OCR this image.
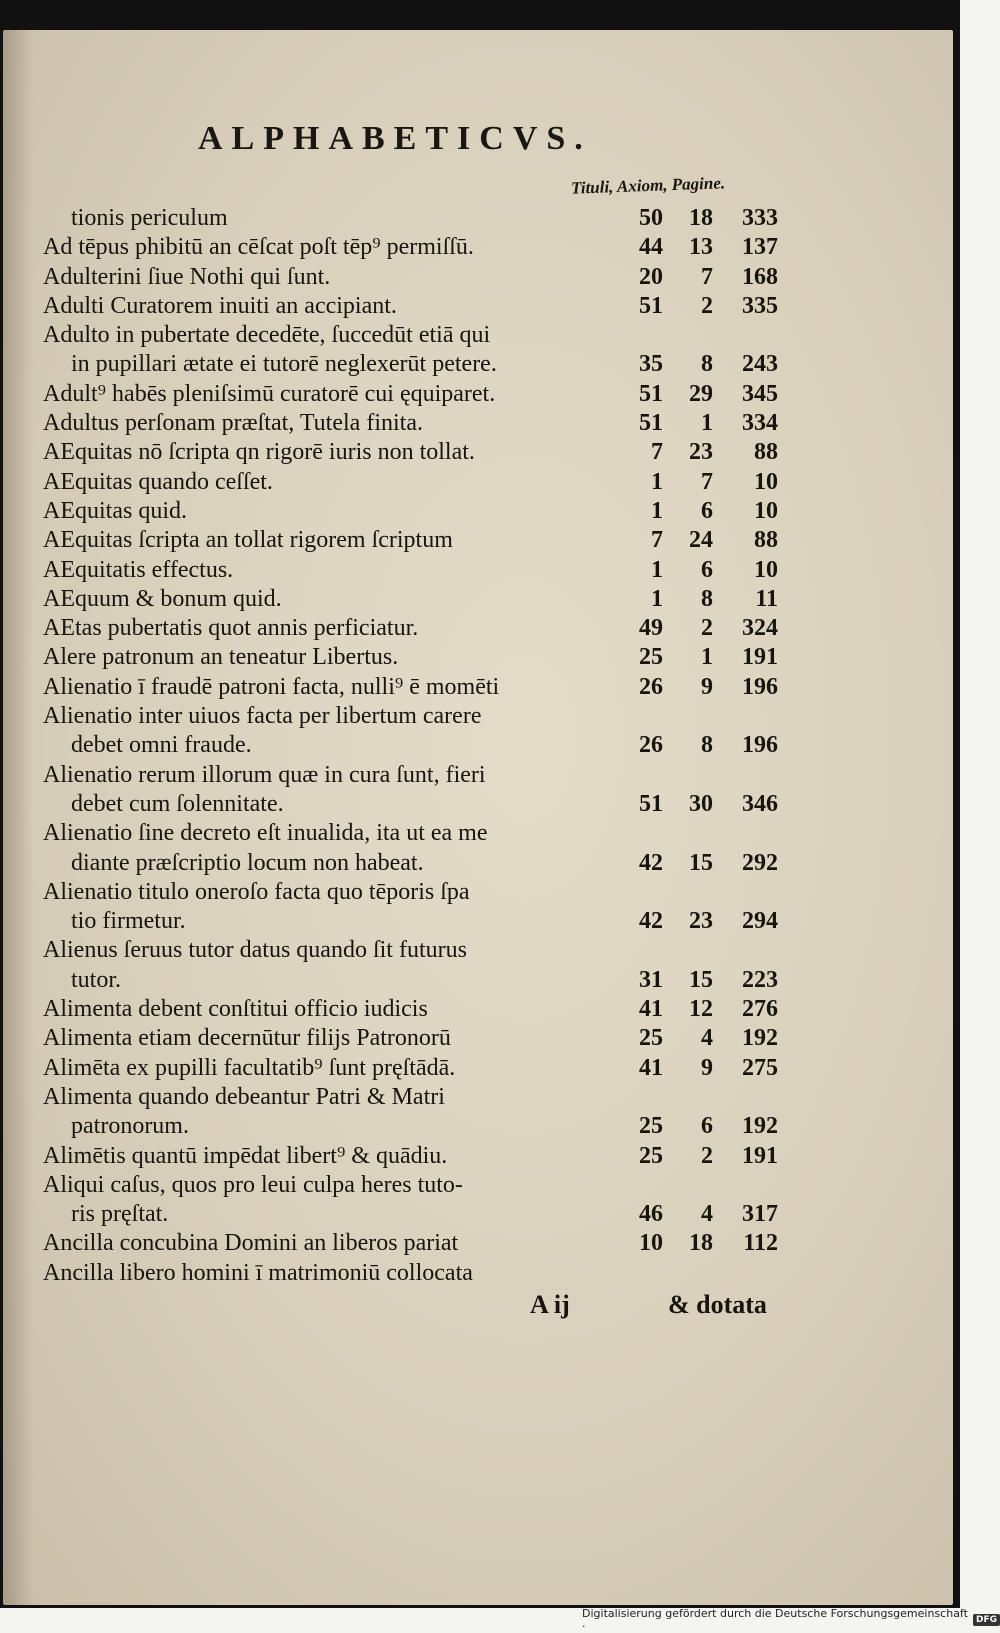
ALPHABETICVS.
Tituli, Axiom, Pagine.
tionis periculum	50	18	333
Ad tēpus phibitū an cēſcat poſt tēp⁹ permiſſū.	44	13	137
Adulterini ſiue Nothi qui ſunt.	20	7	168
Adulti Curatorem inuiti an accipiant.	51	2	335
Adulto in pubertate decedēte, ſuccedūt etiā qui
in pupillari ætate ei tutorē neglexerūt petere.	35	8	243
Adult⁹ habēs pleniſsimū curatorē cui ęquiparet.	51	29	345
Adultus perſonam præſtat, Tutela finita.	51	1	334
AEquitas nō ſcripta qn rigorē iuris non tollat.	7	23	88
AEquitas quando ceſſet.	1	7	10
AEquitas quid.	1	6	10
AEquitas ſcripta an tollat rigorem ſcriptum	7	24	88
AEquitatis effectus.	1	6	10
AEquum & bonum quid.	1	8	11
AEtas pubertatis quot annis perficiatur.	49	2	324
Alere patronum an teneatur Libertus.	25	1	191
Alienatio ī fraudē patroni facta, nulli⁹ ē momēti	26	9	196
Alienatio inter uiuos facta per libertum carere
debet omni fraude.	26	8	196
Alienatio rerum illorum quæ in cura ſunt, fieri
debet cum ſolennitate.	51	30	346
Alienatio ſine decreto eſt inualida, ita ut ea me
diante præſcriptio locum non habeat.	42	15	292
Alienatio titulo oneroſo facta quo tēporis ſpa
tio firmetur.	42	23	294
Alienus ſeruus tutor datus quando ſit futurus
tutor.	31	15	223
Alimenta debent conſtitui officio iudicis	41	12	276
Alimenta etiam decernūtur filijs Patronorū	25	4	192
Alimēta ex pupilli facultatib⁹ ſunt pręſtādā.	41	9	275
Alimenta quando debeantur Patri & Matri
patronorum.	25	6	192
Alimētis quantū impēdat libert⁹ & quādiu.	25	2	191
Aliqui caſus, quos pro leui culpa heres tuto-
ris pręſtat.	46	4	317
Ancilla concubina Domini an liberos pariat	10	18	112
Ancilla libero homini ī matrimoniū collocata
A ij	& dotata
Digitalisierung gefördert durch die Deutsche Forschungsgemeinschaft ·	DFG
